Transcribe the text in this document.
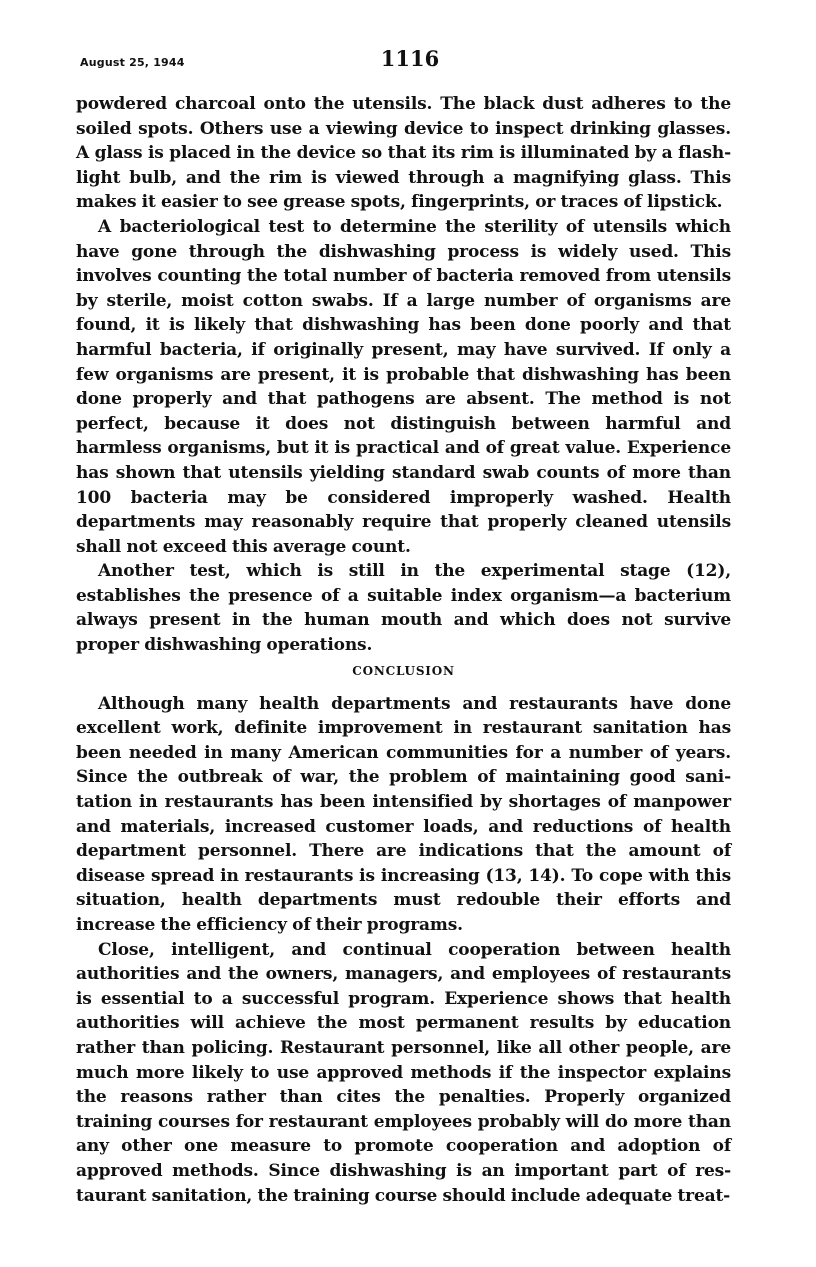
August 25, 1944	1116

powdered charcoal onto the utensils. The black dust adheres to the soiled spots. Others use a viewing device to inspect drinking glasses. A glass is placed in the device so that its rim is illuminated by a flash-light bulb, and the rim is viewed through a magnifying glass. This makes it easier to see grease spots, fingerprints, or traces of lipstick.

A bacteriological test to determine the sterility of utensils which have gone through the dishwashing process is widely used. This involves counting the total number of bacteria removed from utensils by sterile, moist cotton swabs. If a large number of organisms are found, it is likely that dishwashing has been done poorly and that harmful bacteria, if originally present, may have survived. If only a few organisms are present, it is probable that dishwashing has been done properly and that pathogens are absent. The method is not perfect, because it does not distinguish between harmful and harmless organisms, but it is practical and of great value. Experience has shown that utensils yielding standard swab counts of more than 100 bacteria may be considered improperly washed. Health departments may reasonably require that properly cleaned utensils shall not exceed this average count.

Another test, which is still in the experimental stage (12), establishes the presence of a suitable index organism—a bacterium always present in the human mouth and which does not survive proper dishwashing operations.

CONCLUSION

Although many health departments and restaurants have done excellent work, definite improvement in restaurant sanitation has been needed in many American communities for a number of years. Since the outbreak of war, the problem of maintaining good sani-tation in restaurants has been intensified by shortages of manpower and materials, increased customer loads, and reductions of health department personnel. There are indications that the amount of disease spread in restaurants is increasing (13, 14). To cope with this situation, health departments must redouble their efforts and increase the efficiency of their programs.

Close, intelligent, and continual cooperation between health authorities and the owners, managers, and employees of restaurants is essential to a successful program. Experience shows that health authorities will achieve the most permanent results by education rather than policing. Restaurant personnel, like all other people, are much more likely to use approved methods if the inspector explains the reasons rather than cites the penalties. Properly organized training courses for restaurant employees probably will do more than any other one measure to promote cooperation and adoption of approved methods. Since dishwashing is an important part of res-taurant sanitation, the training course should include adequate treat-
